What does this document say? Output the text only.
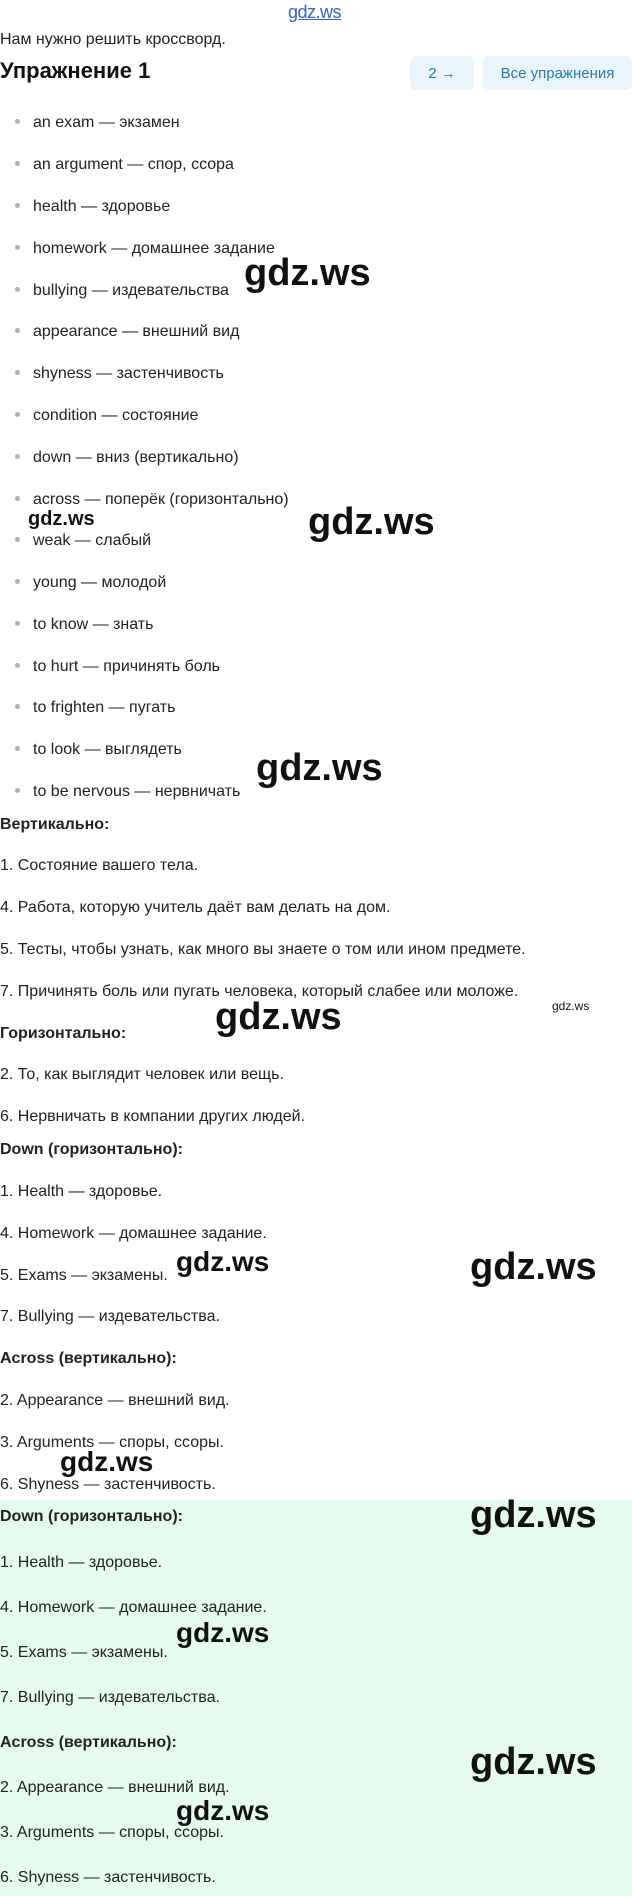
gdz.ws
Нам нужно решить кроссворд.
Упражнение 1	2 →	Все упражнения
an exam — экзамен
an argument — спор, ссора
health — здоровье
homework — домашнее задание
bullying — издевательства
appearance — внешний вид
shyness — застенчивость
condition — состояние
down — вниз (вертикально)
across — поперёк (горизонтально)
weak — слабый
young — молодой
to know — знать
to hurt — причинять боль
to frighten — пугать
to look — выглядеть
to be nervous — нервничать
Вертикально:
1. Состояние вашего тела.
4. Работа, которую учитель даёт вам делать на дом.
5. Тесты, чтобы узнать, как много вы знаете о том или ином предмете.
7. Причинять боль или пугать человека, который слабее или моложе.
Горизонтально:
2. То, как выглядит человек или вещь.
6. Нервничать в компании других людей.
Down (горизонтально):
1. Health — здоровье.
4. Homework — домашнее задание.
5. Exams — экзамены.
7. Bullying — издевательства.
Across (вертикально):
2. Appearance — внешний вид.
3. Arguments — споры, ссоры.
6. Shyness — застенчивость.
Down (горизонтально):
1. Health — здоровье.
4. Homework — домашнее задание.
5. Exams — экзамены.
7. Bullying — издевательства.
Across (вертикально):
2. Appearance — внешний вид.
3. Arguments — споры, ссоры.
6. Shyness — застенчивость.
gdz.ws
gdz.ws	gdz.ws
gdz.ws
gdz.ws	gdz.ws
gdz.ws	gdz.ws
gdz.ws
gdz.ws
gdz.ws
gdz.ws
gdz.ws
